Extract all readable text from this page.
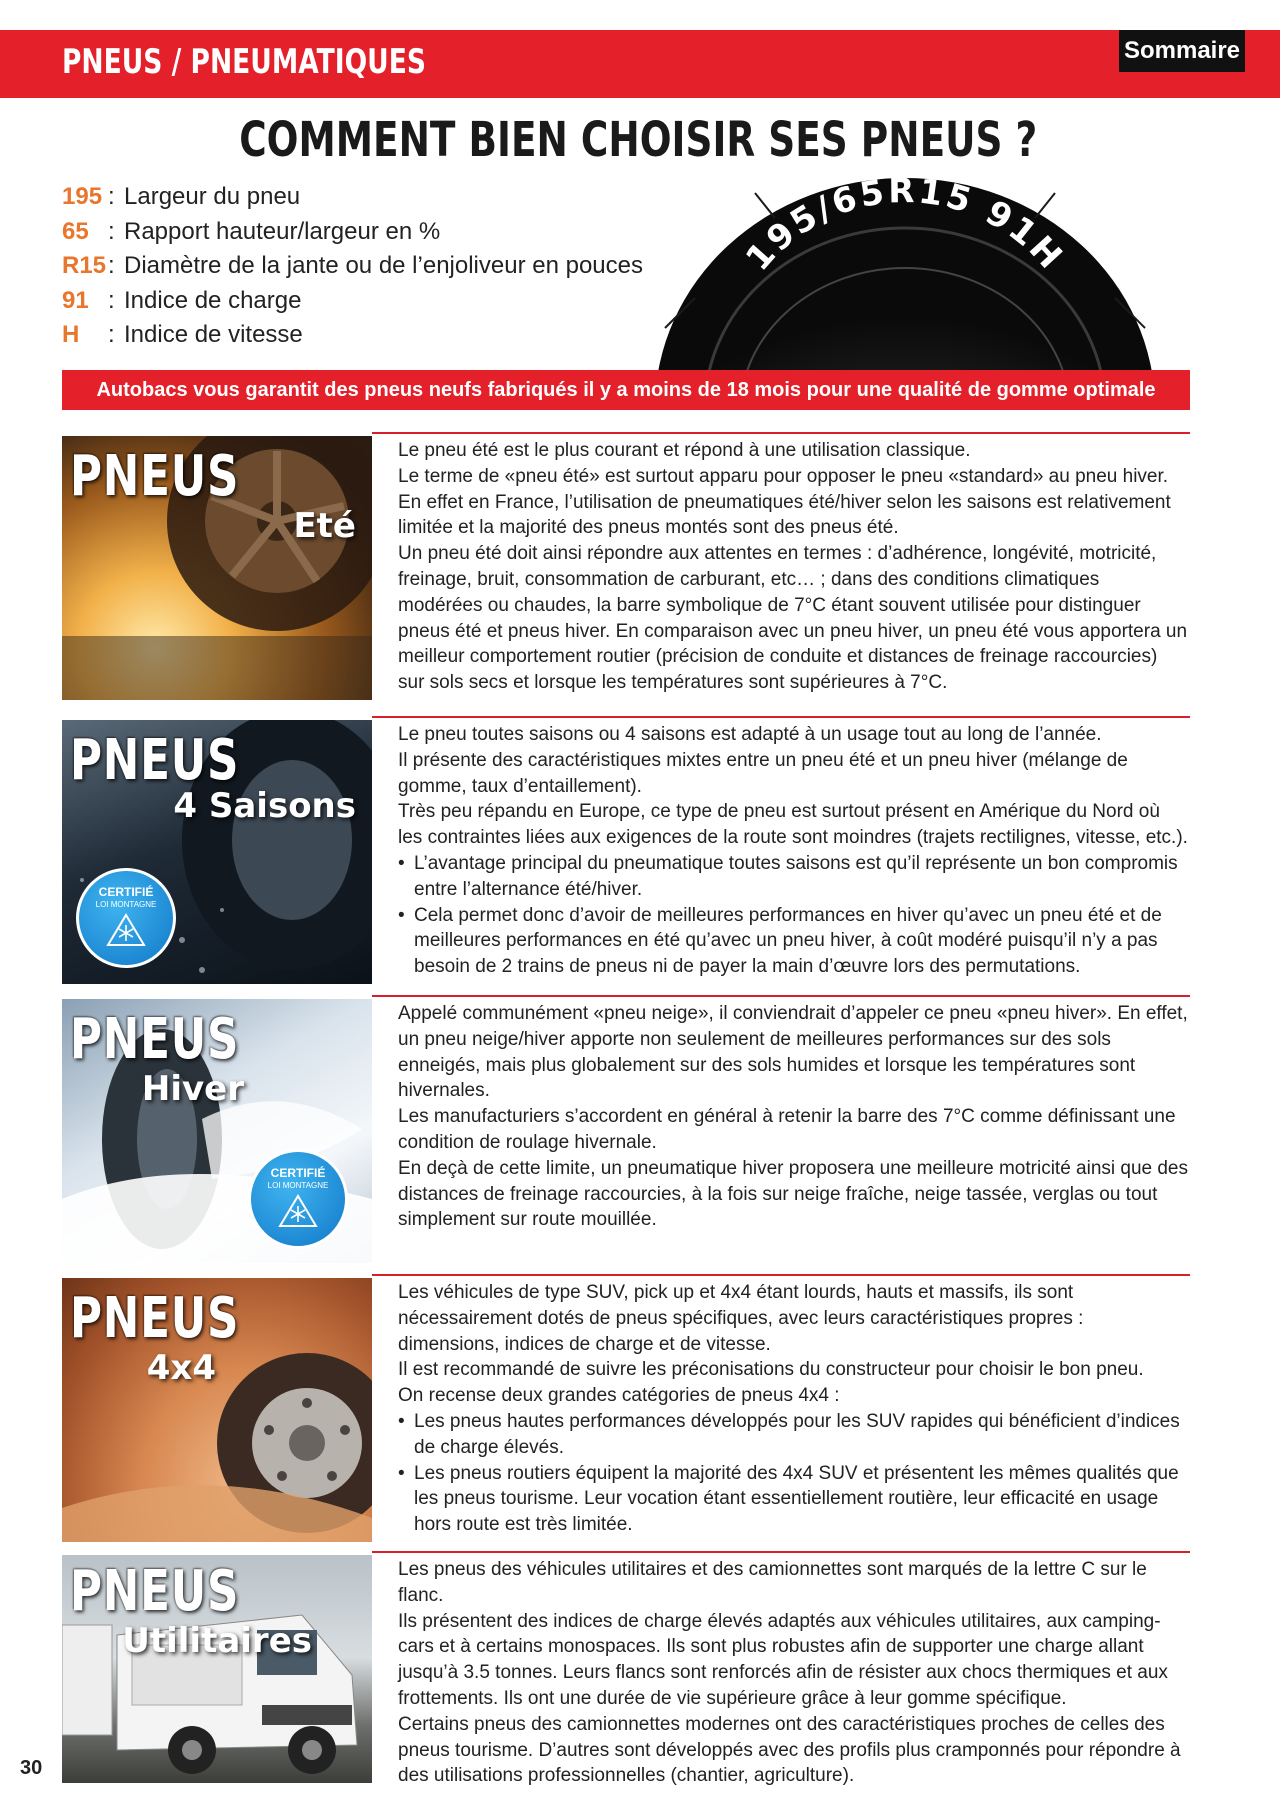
PNEUS / PNEUMATIQUES	Sommaire
COMMENT BIEN CHOISIR SES PNEUS ?
195 : Largeur du pneu
65 : Rapport hauteur/largeur en %
R15: Diamètre de la jante ou de l’enjoliveur en pouces
91 : Indice de charge
H : Indice de vitesse
195/65R15 91H
Autobacs vous garantit des pneus neufs fabriqués il y a moins de 18 mois pour une qualité de gomme optimale
PNEUS
Eté

Le pneu été est le plus courant et répond à une utilisation classique.

Le terme de «pneu été» est surtout apparu pour opposer le pneu «standard» au pneu hiver.

En effet en France, l’utilisation de pneumatiques été/hiver selon les saisons est relativement limitée et la majorité des pneus montés sont des pneus été.

Un pneu été doit ainsi répondre aux attentes en termes : d’adhérence, longévité, motricité, freinage, bruit, consommation de carburant, etc… ; dans des conditions climatiques modérées ou chaudes, la barre symbolique de 7°C étant souvent utilisée pour distinguer pneus été et pneus hiver. En comparaison avec un pneu hiver, un pneu été vous apportera un meilleur comportement routier (précision de conduite et distances de freinage raccourcies) sur sols secs et lorsque les températures sont supérieures à 7°C.

PNEUS
4 Saisons
CERTIFIÉ
LOI MONTAGNE

Le pneu toutes saisons ou 4 saisons est adapté à un usage tout au long de l’année.

Il présente des caractéristiques mixtes entre un pneu été et un pneu hiver (mélange de gomme, taux d’entaillement).

Très peu répandu en Europe, ce type de pneu est surtout présent en Amérique du Nord où les contraintes liées aux exigences de la route sont moindres (trajets rectilignes, vitesse, etc.).

• L’avantage principal du pneumatique toutes saisons est qu’il représente un bon compromis entre l’alternance été/hiver.
• Cela permet donc d’avoir de meilleures performances en hiver qu’avec un pneu été et de meilleures performances en été qu’avec un pneu hiver, à coût modéré puisqu’il n’y a pas besoin de 2 trains de pneus ni de payer la main d’œuvre lors des permutations.
PNEUS
Hiver
CERTIFIÉ
LOI MONTAGNE

Appelé communément «pneu neige», il conviendrait d’appeler ce pneu «pneu hiver». En effet, un pneu neige/hiver apporte non seulement de meilleures performances sur des sols enneigés, mais plus globalement sur des sols humides et lorsque les températures sont hivernales.

Les manufacturiers s’accordent en général à retenir la barre des 7°C comme définissant une condition de roulage hivernale.

En deçà de cette limite, un pneumatique hiver proposera une meilleure motricité ainsi que des distances de freinage raccourcies, à la fois sur neige fraîche, neige tassée, verglas ou tout simplement sur route mouillée.

PNEUS
4x4

Les véhicules de type SUV, pick up et 4x4 étant lourds, hauts et massifs, ils sont nécessairement dotés de pneus spécifiques, avec leurs caractéristiques propres : dimensions, indices de charge et de vitesse.

Il est recommandé de suivre les préconisations du constructeur pour choisir le bon pneu.

On recense deux grandes catégories de pneus 4x4 :

• Les pneus hautes performances développés pour les SUV rapides qui bénéficient d’indices de charge élevés.
• Les pneus routiers équipent la majorité des 4x4 SUV et présentent les mêmes qualités que les pneus tourisme. Leur vocation étant essentiellement routière, leur efficacité en usage hors route est très limitée.
PNEUS
Utilitaires

Les pneus des véhicules utilitaires et des camionnettes sont marqués de la lettre C sur le flanc.

Ils présentent des indices de charge élevés adaptés aux véhicules utilitaires, aux camping-cars et à certains monospaces. Ils sont plus robustes afin de supporter une charge allant jusqu’à 3.5 tonnes. Leurs flancs sont renforcés afin de résister aux chocs thermiques et aux frottements. Ils ont une durée de vie supérieure grâce à leur gomme spécifique.

Certains pneus des camionnettes modernes ont des caractéristiques proches de celles des pneus tourisme. D’autres sont développés avec des profils plus cramponnés pour répondre à des utilisations professionnelles (chantier, agriculture).

30
